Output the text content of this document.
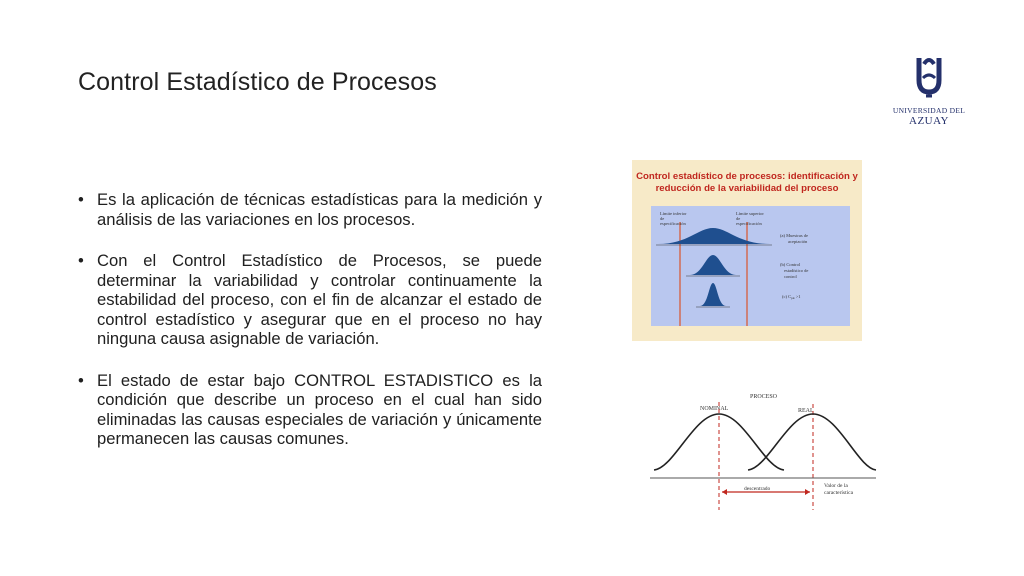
Control Estadístico de Procesos
UNIVERSIDAD DEL
AZUAY
• Es la aplicación de técnicas estadísticas para la medición y análisis de las variaciones en los procesos.
• Con el Control Estadístico de Procesos, se puede determinar la variabilidad y controlar continuamente la estabilidad del proceso, con el fin de alcanzar el estado de control estadístico y asegurar que en el proceso no hay ninguna causa asignable de variación.
• El estado de estar bajo CONTROL ESTADISTICO es la condición que describe un proceso en el cual han sido eliminadas las causas especiales de variación y únicamente permanecen las causas comunes.
Control estadístico de procesos: identificación y
reducción de la variabilidad del proceso
Límite inferior
de
especificación
Límite superior
de
especificación
(a) Muestras de
aceptación
(b) Control
estadístico de
control
(c) $C_{pk} >1$
PROCESO
NOMINAL	REAL
descentrado	Valor de la
característica
